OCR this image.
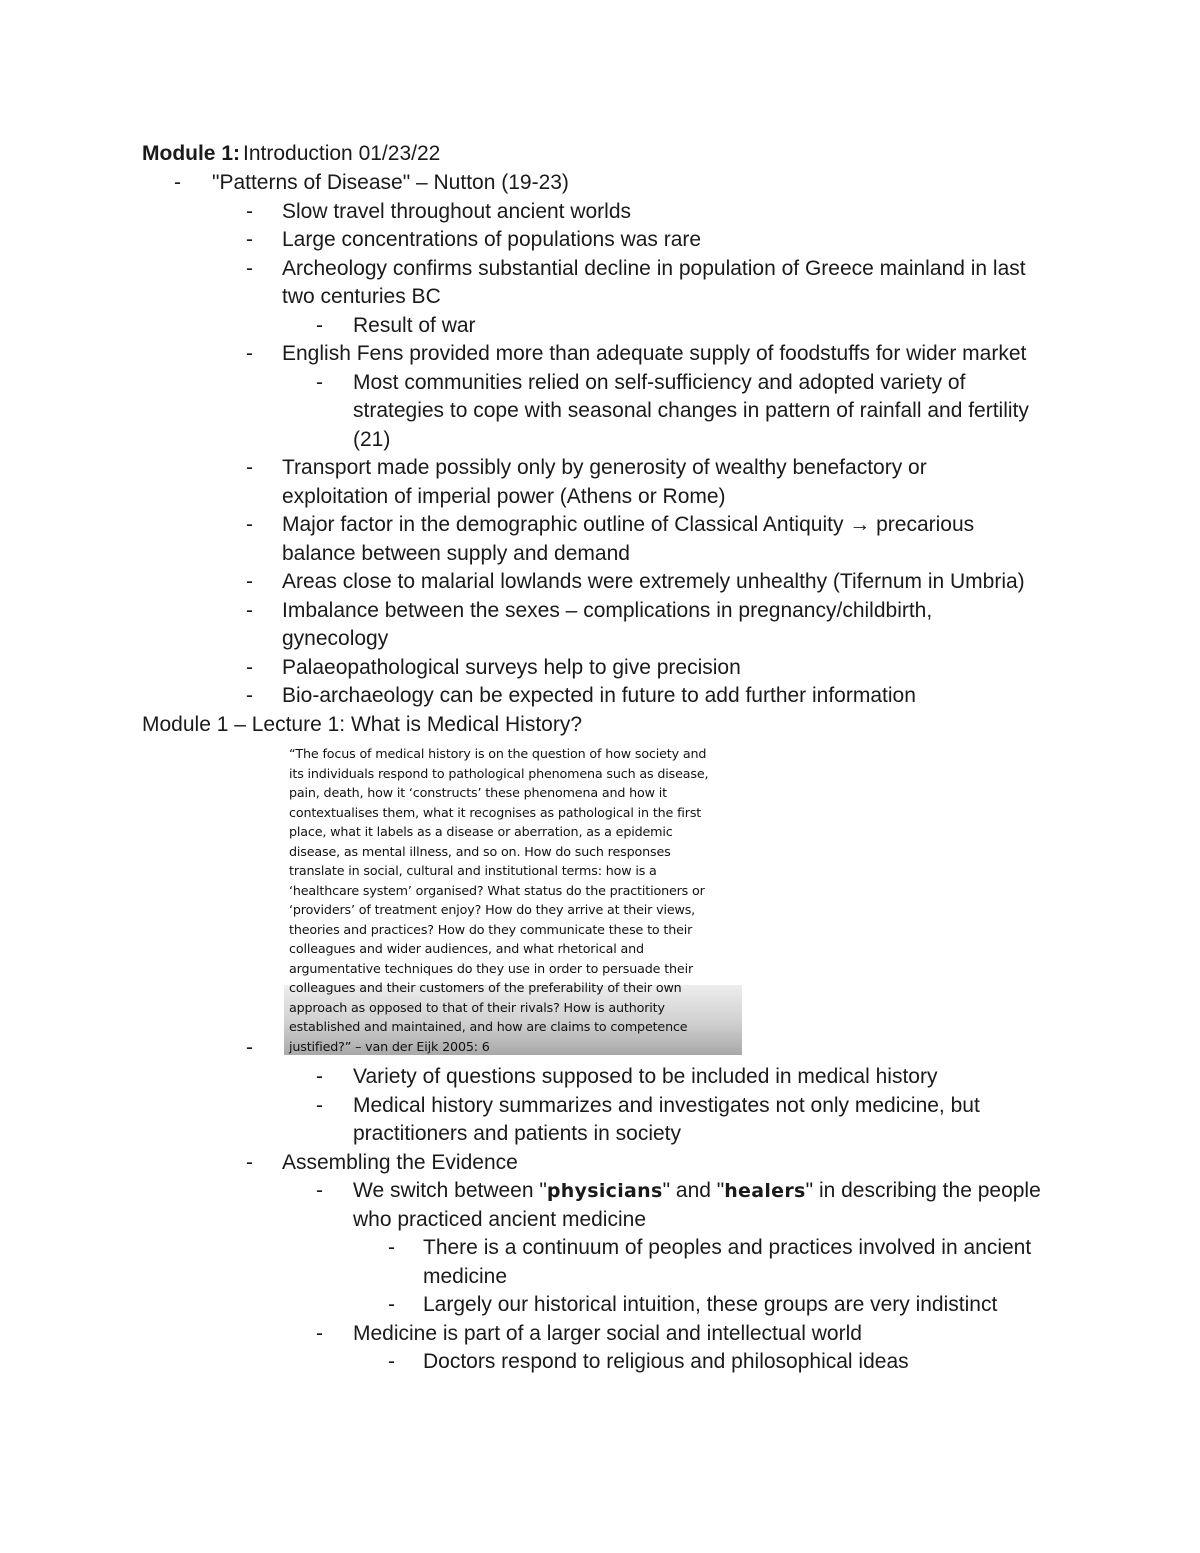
Module 1: Introduction 01/23/22
- "Patterns of Disease" – Nutton (19-23)
- Slow travel throughout ancient worlds
- Large concentrations of populations was rare
- Archeology confirms substantial decline in population of Greece mainland in last
two centuries BC
- Result of war
- English Fens provided more than adequate supply of foodstuffs for wider market
- Most communities relied on self-sufficiency and adopted variety of
strategies to cope with seasonal changes in pattern of rainfall and fertility
(21)
- Transport made possibly only by generosity of wealthy benefactory or
exploitation of imperial power (Athens or Rome)
- Major factor in the demographic outline of Classical Antiquity → precarious
balance between supply and demand
- Areas close to malarial lowlands were extremely unhealthy (Tifernum in Umbria)
- Imbalance between the sexes – complications in pregnancy/childbirth,
gynecology
- Palaeopathological surveys help to give precision
- Bio-archaeology can be expected in future to add further information
Module 1 – Lecture 1: What is Medical History?
“The focus of medical history is on the question of how society and
its individuals respond to pathological phenomena such as disease,
pain, death, how it ‘constructs’ these phenomena and how it
contextualises them, what it recognises as pathological in the first
place, what it labels as a disease or aberration, as a epidemic
disease, as mental illness, and so on. How do such responses
translate in social, cultural and institutional terms: how is a
‘healthcare system’ organised? What status do the practitioners or
‘providers’ of treatment enjoy? How do they arrive at their views,
theories and practices? How do they communicate these to their
colleagues and wider audiences, and what rhetorical and
argumentative techniques do they use in order to persuade their
colleagues and their customers of the preferability of their own
approach as opposed to that of their rivals? How is authority
established and maintained, and how are claims to competence
justified?” – van der Eijk 2005: 6
-
- Variety of questions supposed to be included in medical history
- Medical history summarizes and investigates not only medicine, but
practitioners and patients in society
- Assembling the Evidence
- We switch between "physicians" and "healers" in describing the people
who practiced ancient medicine
- There is a continuum of peoples and practices involved in ancient
medicine
- Largely our historical intuition, these groups are very indistinct
- Medicine is part of a larger social and intellectual world
- Doctors respond to religious and philosophical ideas
